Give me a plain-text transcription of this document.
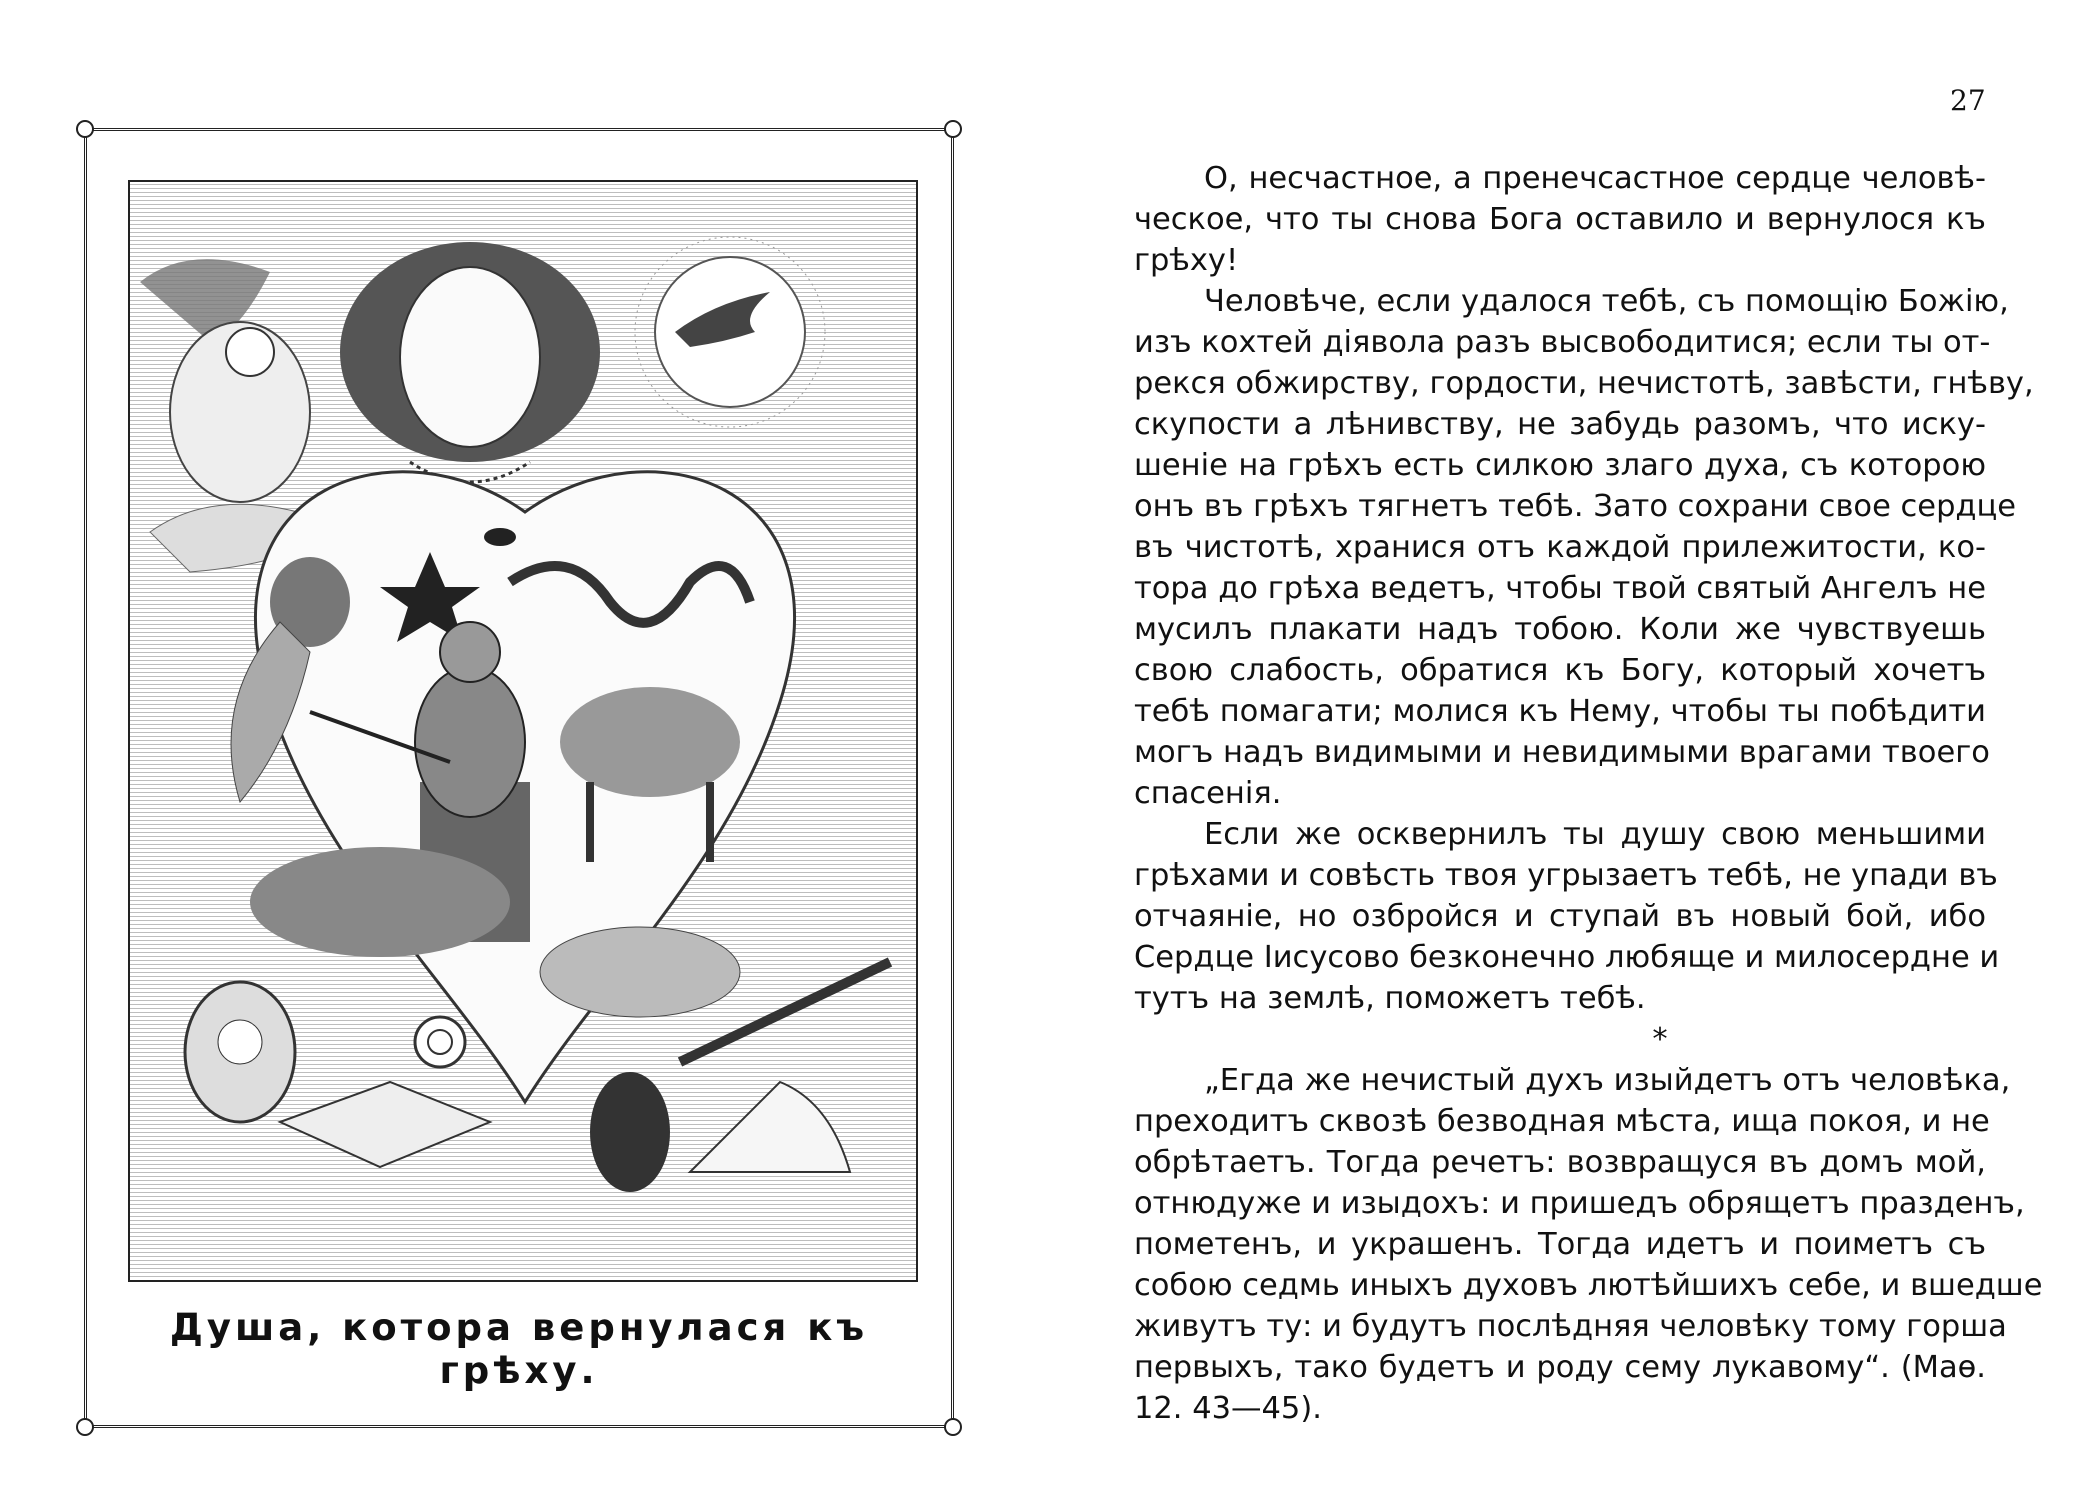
Душа, котора вернулася къ грѣху.
27

О, несчастное, а пренечсастное сердце человѣ-
ческое, что ты снова Бога оставило и вернулося къ
грѣху!

Человѣче, если удалося тебѣ, съ помощію Божію,
изъ кохтей діявола разъ высвободитися; если ты от-
рекся обжирству, гордости, нечистотѣ, завѣсти, гнѣву,
скупости а лѣнивству, не забудь разомъ, что иску-
шеніе на грѣхъ есть силкою злаго духа, съ которою
онъ въ грѣхъ тягнетъ тебѣ. Зато сохрани свое сердце
въ чистотѣ, хранися отъ каждой прилежитости, ко-
тора до грѣха ведетъ, чтобы твой святый Ангелъ не
мусилъ плакати надъ тобою. Коли же чувствуешь
свою слабость, обратися къ Богу, который хочетъ
тебѣ помагати; молися къ Нему, чтобы ты побѣдити
могъ надъ видимыми и невидимыми врагами твоего
спасенія.

Если же осквернилъ ты душу свою меньшими
грѣхами и совѣсть твоя угрызаетъ тебѣ, не упади въ
отчаяніе, но озбройся и ступай въ новый бой, ибо
Сердце Іисусово безконечно любяще и милосердне и
тутъ на землѣ, поможетъ тебѣ.

*

„Егда же нечистый духъ изыйдетъ отъ человѣка,
преходитъ сквозѣ безводная мѣста, ища покоя, и не
обрѣтаетъ. Тогда речетъ: возвращуся въ домъ мой,
отнюдуже и изыдохъ: и пришедъ обрящетъ празденъ,
пометенъ, и украшенъ. Тогда идетъ и поиметъ съ
собою седмь иныхъ духовъ лютѣйшихъ себе, и вшедше
живутъ ту: и будутъ послѣдняя человѣку тому горша
первыхъ, тако будетъ и роду сему лукавому“. (Маѳ.
12. 43—45).
